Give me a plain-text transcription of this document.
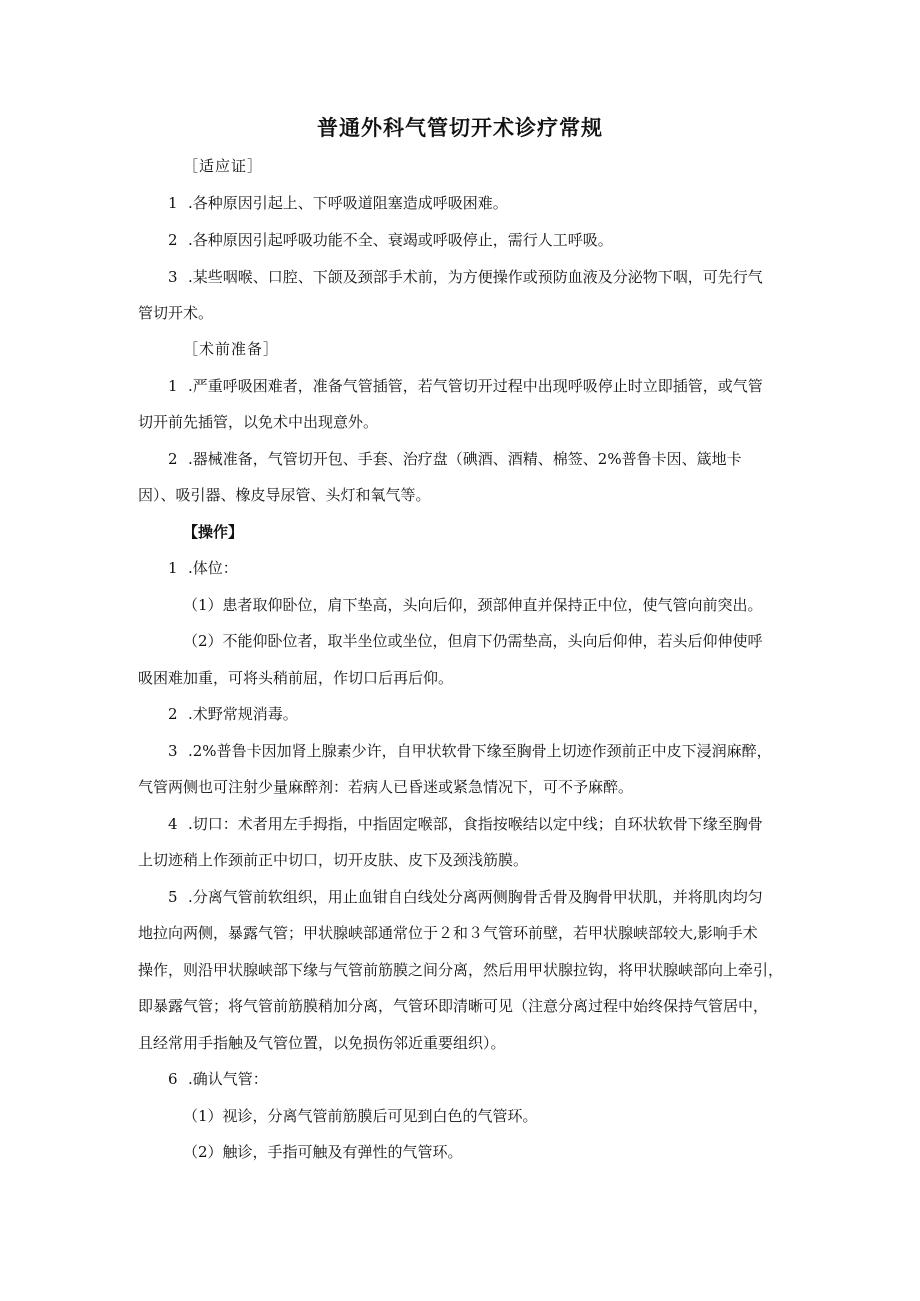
普通外科气管切开术诊疗常规
［适应证］
1 .各种原因引起上、下呼吸道阻塞造成呼吸困难。
2 .各种原因引起呼吸功能不全、衰竭或呼吸停止，需行人工呼吸。
3 .某些咽喉、口腔、下颌及颈部手术前，为方便操作或预防血液及分泌物下咽，可先行气
管切开术。
［术前准备］
1 .严重呼吸困难者，准备气管插管，若气管切开过程中出现呼吸停止时立即插管，或气管
切开前先插管，以免术中出现意外。
2 .器械准备，气管切开包、手套、治疗盘（碘酒、酒精、棉签、2%普鲁卡因、箴地卡
因）、吸引器、橡皮导尿管、头灯和氧气等。
【操作】
1 .体位：
（1）患者取仰卧位，肩下垫高，头向后仰，颈部伸直并保持正中位，使气管向前突出。
（2）不能仰卧位者，取半坐位或坐位，但肩下仍需垫高，头向后仰伸，若头后仰伸使呼
吸困难加重，可将头稍前屈，作切口后再后仰。
2 .术野常规消毒。
3 .2%普鲁卡因加肾上腺素少许，自甲状软骨下缘至胸骨上切迹作颈前正中皮下浸润麻醉，
气管两侧也可注射少量麻醉剂：若病人已昏迷或紧急情况下，可不予麻醉。
4 .切口：术者用左手拇指，中指固定喉部，食指按喉结以定中线；自环状软骨下缘至胸骨
上切迹稍上作颈前正中切口，切开皮肤、皮下及颈浅筋膜。
5 .分离气管前软组织，用止血钳自白线处分离两侧胸骨舌骨及胸骨甲状肌，并将肌肉均匀
地拉向两侧，暴露气管；甲状腺峡部通常位于２和３气管环前壁，若甲状腺峡部较大,影响手术
操作，则沿甲状腺峡部下缘与气管前筋膜之间分离，然后用甲状腺拉钩，将甲状腺峡部向上牵引，
即暴露气管；将气管前筋膜稍加分离，气管环即清晰可见（注意分离过程中始终保持气管居中，
且经常用手指触及气管位置，以免损伤邻近重要组织）。
6 .确认气管：
（1）视诊，分离气管前筋膜后可见到白色的气管环。
（2）触诊，手指可触及有弹性的气管环。
